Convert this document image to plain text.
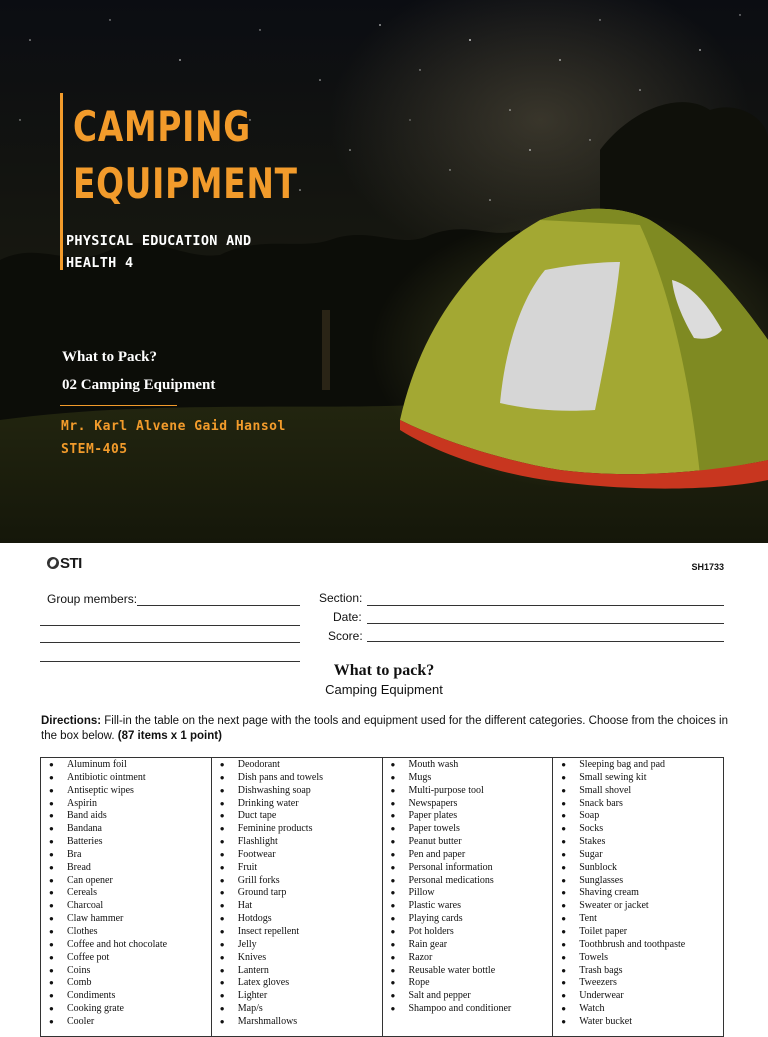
CAMPING
EQUIPMENT
PHYSICAL EDUCATION AND
HEALTH 4
What to Pack?
02 Camping Equipment
Mr. Karl Alvene Gaid Hansol
STEM-405
STI	SH1733
Group members:	Section:
Date:
Score:
What to pack?
Camping Equipment

Directions: Fill-in the table on the next page with the tools and equipment used for the different categories. Choose from the choices in the box below. (87 items x 1 point)

●	Aluminum foil
●	Antibiotic ointment
●	Antiseptic wipes
●	Aspirin
●	Band aids
●	Bandana
●	Batteries
●	Bra
●	Bread
●	Can opener
●	Cereals
●	Charcoal
●	Claw hammer
●	Clothes
●	Coffee and hot chocolate
●	Coffee pot
●	Coins
●	Comb
●	Condiments
●	Cooking grate
●	Cooler
●	Deodorant
●	Dish pans and towels
●	Dishwashing soap
●	Drinking water
●	Duct tape
●	Feminine products
●	Flashlight
●	Footwear
●	Fruit
●	Grill forks
●	Ground tarp
●	Hat
●	Hotdogs
●	Insect repellent
●	Jelly
●	Knives
●	Lantern
●	Latex gloves
●	Lighter
●	Map/s
●	Marshmallows
●	Mouth wash
●	Mugs
●	Multi-purpose tool
●	Newspapers
●	Paper plates
●	Paper towels
●	Peanut butter
●	Pen and paper
●	Personal information
●	Personal medications
●	Pillow
●	Plastic wares
●	Playing cards
●	Pot holders
●	Rain gear
●	Razor
●	Reusable water bottle
●	Rope
●	Salt and pepper
●	Shampoo and conditioner
●	Sleeping bag and pad
●	Small sewing kit
●	Small shovel
●	Snack bars
●	Soap
●	Socks
●	Stakes
●	Sugar
●	Sunblock
●	Sunglasses
●	Shaving cream
●	Sweater or jacket
●	Tent
●	Toilet paper
●	Toothbrush and toothpaste
●	Towels
●	Trash bags
●	Tweezers
●	Underwear
●	Watch
●	Water bucket
